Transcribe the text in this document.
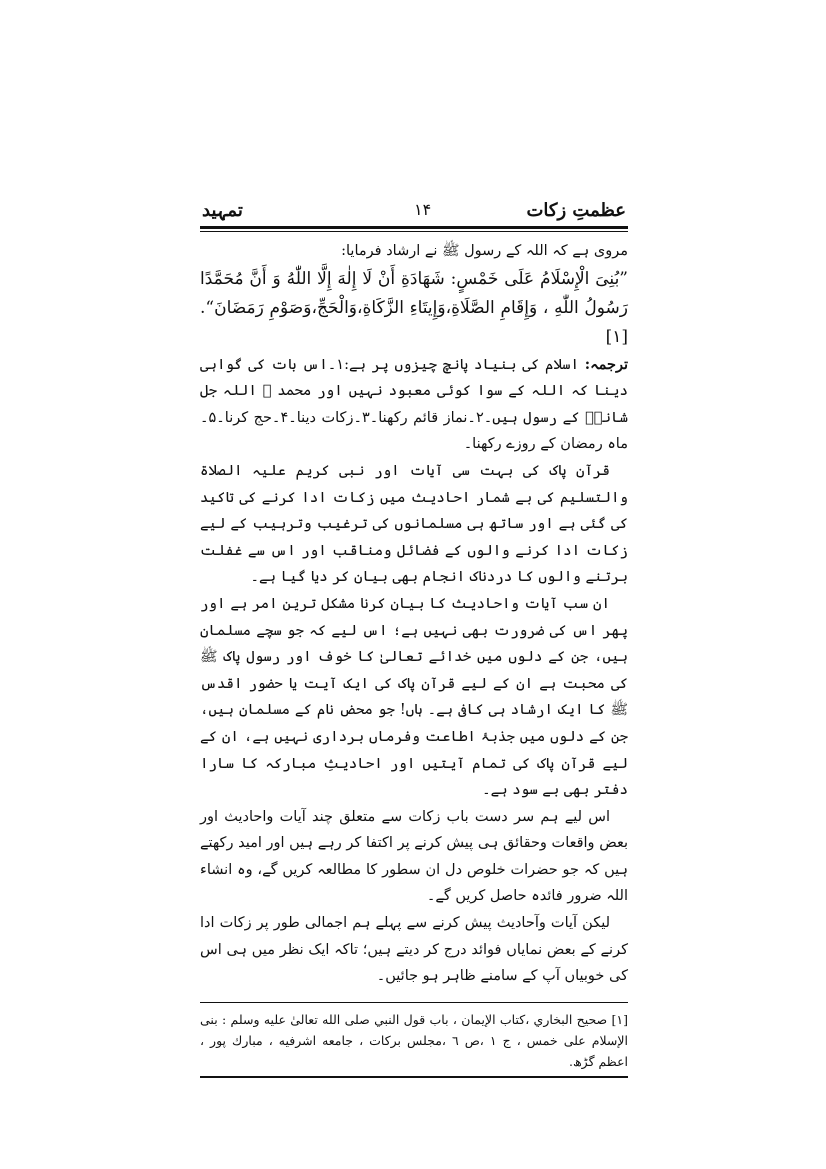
عظمتِ زکات
۱۴
تمہید

مروی ہے کہ اللہ کے رسول ﷺ نے ارشاد فرمایا:

”بُنِیَ الْإِسْلَامُ عَلَی خَمْسٍ: شَهَادَةِ أَنْ لَا إِلٰهَ إِلَّا اللّٰهُ وَ أَنَّ مُحَمَّدًا رَسُولُ اللّٰهِ ، وَإِقَامِ الصَّلَاةِ،وَإِيتَاءِ الزَّكَاةِ،وَالْحَجِّ،وَصَوْمِ رَمَضَانَ“.[۱]

ترجمہ: اسلام کی بنیاد پانچ چیزوں پر ہے:۱۔اس بات کی گواہی دینا کہ اللہ کے سوا کوئی معبود نہیں اور محمد ﷺ اللہ جل شانہٗ کے رسول ہیں۔۲۔نماز قائم رکھنا۔۳۔زکات دینا۔۴۔حج کرنا۔۵۔ماہ رمضان کے روزے رکھنا۔

قرآن پاک کی بہت سی آیات اور نبی کریم علیہ الصلاۃ والتسلیم کی بے شمار احادیث میں زکات ادا کرنے کی تاکید کی گئی ہے اور ساتھ ہی مسلمانوں کی ترغیب وترہیب کے لیے زکات ادا کرنے والوں کے فضائل ومناقب اور اس سے غفلت برتنے والوں کا دردناک انجام بھی بیان کر دیا گیا ہے۔

ان سب آیات واحادیث کا بیان کرنا مشکل ترین امر ہے اور پھر اس کی ضرورت بھی نہیں ہے؛ اس لیے کہ جو سچے مسلمان ہیں، جن کے دلوں میں خدائے تعالیٰ کا خوف اور رسول پاک ﷺ کی محبت ہے ان کے لیے قرآن پاک کی ایک آیت یا حضور اقدس ﷺ کا ایک ارشاد ہی کافی ہے۔ ہاں! جو محض نام کے مسلمان ہیں، جن کے دلوں میں جذبۂ اطاعت وفرماں برداری نہیں ہے، ان کے لیے قرآن پاک کی تمام آیتیں اور احادیثِ مبارکہ کا سارا دفتر بھی بے سود ہے۔

اس لیے ہم سر دست باب زکات سے متعلق چند آیات واحادیث اور بعض واقعات وحقائق ہی پیش کرنے پر اکتفا کر رہے ہیں اور امید رکھتے ہیں کہ جو حضرات خلوص دل ان سطور کا مطالعہ کریں گے، وہ انشاء اللہ ضرور فائدہ حاصل کریں گے۔

لیکن آیات وآحادیث پیش کرنے سے پہلے ہم اجمالی طور پر زکات ادا کرنے کے بعض نمایاں فوائد درج کر دیتے ہیں؛ تاکہ ایک نظر میں ہی اس کی خوبیاں آپ کے سامنے ظاہر ہو جائیں۔

[۱] صحيح البخاري ،كتاب الإيمان ، باب قول النبي صلى الله تعالیٰ عليه وسلم : بنی الإسلام علی خمس ، ج ۱ ،ص ٦ ،مجلس بركات ، جامعه اشرفيه ، مبارك پور ، اعظم گڑھ.
